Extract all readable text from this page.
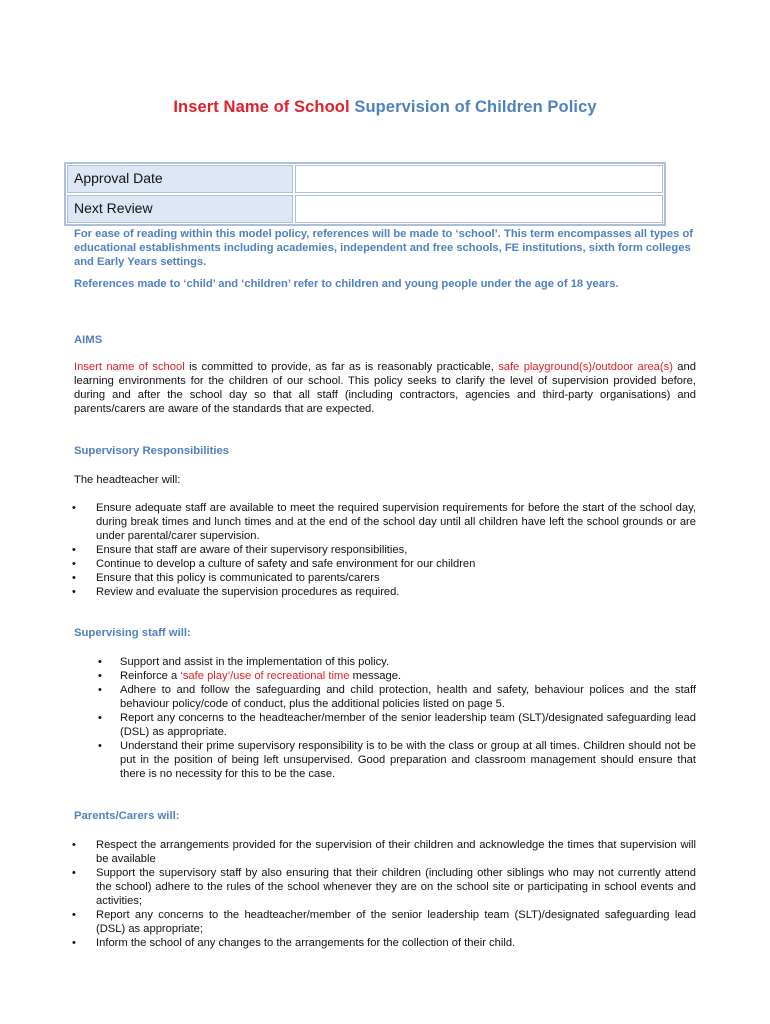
Insert Name of School Supervision of Children Policy
Approval Date
Next Review
For ease of reading within this model policy, references will be made to ‘school’. This term encompasses all types of educational establishments including academies, independent and free schools, FE institutions, sixth form colleges and Early Years settings.
References made to ‘child’ and ‘children’ refer to children and young people under the age of 18 years.
AIMS
Insert name of school is committed to provide, as far as is reasonably practicable, safe playground(s)/outdoor area(s) and learning environments for the children of our school. This policy seeks to clarify the level of supervision provided before, during and after the school day so that all staff (including contractors, agencies and third-party organisations) and parents/carers are aware of the standards that are expected.
Supervisory Responsibilities
The headteacher will:
• Ensure adequate staff are available to meet the required supervision requirements for before the start of the school day, during break times and lunch times and at the end of the school day until all children have left the school grounds or are under parental/carer supervision.
• Ensure that staff are aware of their supervisory responsibilities,
• Continue to develop a culture of safety and safe environment for our children
• Ensure that this policy is communicated to parents/carers
• Review and evaluate the supervision procedures as required.
Supervising staff will:
• Support and assist in the implementation of this policy.
• Reinforce a ‘safe play’/use of recreational time message.
• Adhere to and follow the safeguarding and child protection, health and safety, behaviour polices and the staff behaviour policy/code of conduct, plus the additional policies listed on page 5.
• Report any concerns to the headteacher/member of the senior leadership team (SLT)/designated safeguarding lead (DSL) as appropriate.
• Understand their prime supervisory responsibility is to be with the class or group at all times. Children should not be put in the position of being left unsupervised. Good preparation and classroom management should ensure that there is no necessity for this to be the case.
Parents/Carers will:
• Respect the arrangements provided for the supervision of their children and acknowledge the times that supervision will be available
• Support the supervisory staff by also ensuring that their children (including other siblings who may not currently attend the school) adhere to the rules of the school whenever they are on the school site or participating in school events and activities;
• Report any concerns to the headteacher/member of the senior leadership team (SLT)/designated safeguarding lead (DSL) as appropriate;
• Inform the school of any changes to the arrangements for the collection of their child.
